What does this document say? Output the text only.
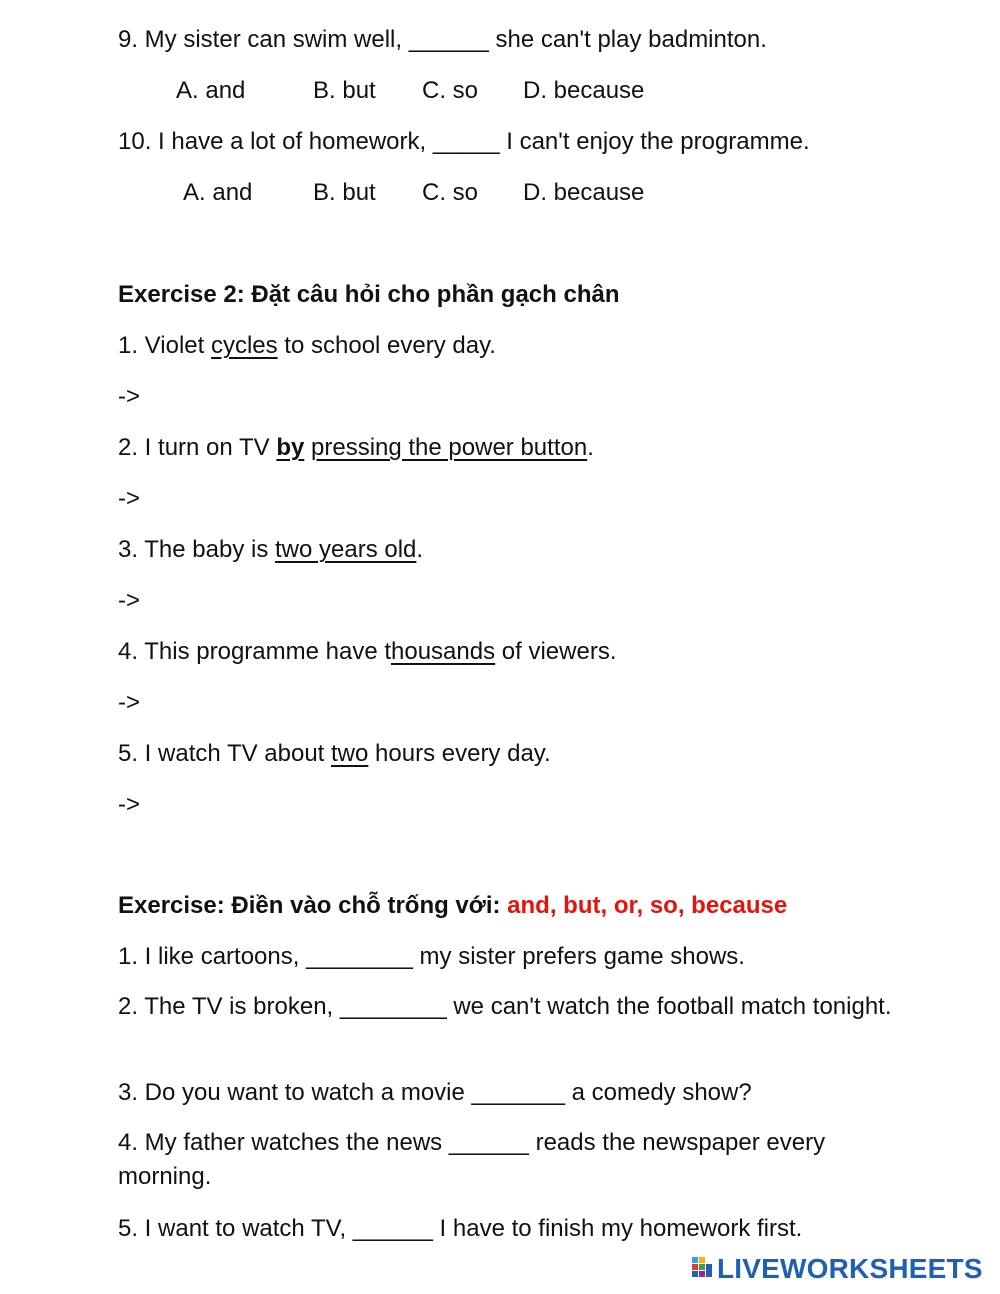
9. My sister can swim well, ______ she can't play badminton.
A. and	B. but C. so D. because
10. I have a lot of homework, _____ I can't enjoy the programme.
A. and	B. but C. so D. because
Exercise 2: Đặt câu hỏi cho phần gạch chân
1. Violet cycles to school every day.
->
2. I turn on TV by pressing the power button.
->
3. The baby is two years old.
->
4. This programme have thousands of viewers.
->
5. I watch TV about two hours every day.
->
Exercise: Điền vào chỗ trống với: and, but, or, so, because
1. I like cartoons, ________ my sister prefers game shows.
2. The TV is broken, ________ we can't watch the football match tonight.
3. Do you want to watch a movie _______ a comedy show?
4. My father watches the news ______ reads the newspaper every morning.
5. I want to watch TV, ______ I have to finish my homework first.
LIVEWORKSHEETS
